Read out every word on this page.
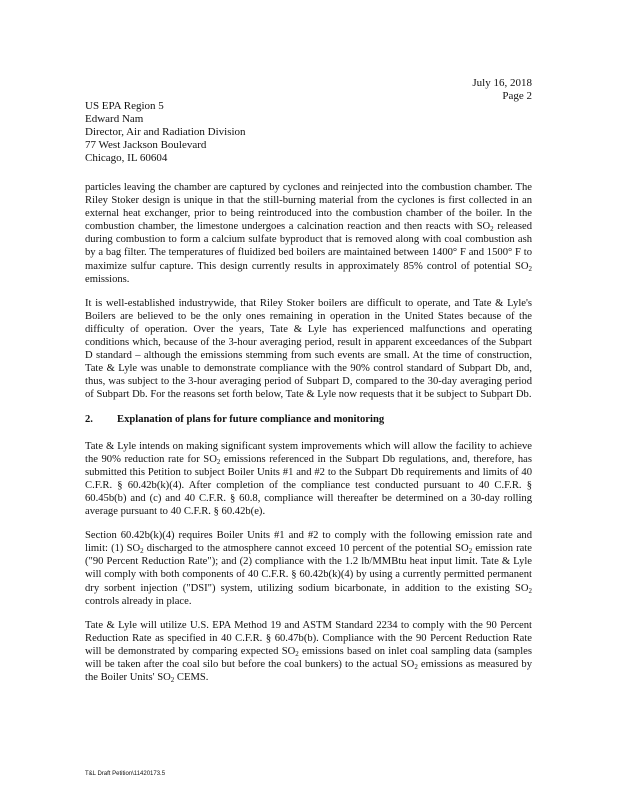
July 16, 2018
Page 2
US EPA Region 5
Edward Nam
Director, Air and Radiation Division
77 West Jackson Boulevard
Chicago, IL 60604

particles leaving the chamber are captured by cyclones and reinjected into the combustion chamber. The Riley Stoker design is unique in that the still-burning material from the cyclones is first collected in an external heat exchanger, prior to being reintroduced into the combustion chamber of the boiler. In the combustion chamber, the limestone undergoes a calcination reaction and then reacts with $SO_2$ released during combustion to form a calcium sulfate byproduct that is removed along with coal combustion ash by a bag filter. The temperatures of fluidized bed boilers are maintained between 1400° F and 1500° F to maximize sulfur capture. This design currently results in approximately 85% control of potential $SO_2$ emissions.

It is well-established industrywide, that Riley Stoker boilers are difficult to operate, and Tate & Lyle's Boilers are believed to be the only ones remaining in operation in the United States because of the difficulty of operation. Over the years, Tate & Lyle has experienced malfunctions and operating conditions which, because of the 3-hour averaging period, result in apparent exceedances of the Subpart D standard – although the emissions stemming from such events are small. At the time of construction, Tate & Lyle was unable to demonstrate compliance with the 90% control standard of Subpart Db, and, thus, was subject to the 3-hour averaging period of Subpart D, compared to the 30-day averaging period of Subpart Db. For the reasons set forth below, Tate & Lyle now requests that it be subject to Subpart Db.

2.	Explanation of plans for future compliance and monitoring

Tate & Lyle intends on making significant system improvements which will allow the facility to achieve the 90% reduction rate for $SO_2$ emissions referenced in the Subpart Db regulations, and, therefore, has submitted this Petition to subject Boiler Units #1 and #2 to the Subpart Db requirements and limits of 40 C.F.R. § 60.42b(k)(4). After completion of the compliance test conducted pursuant to 40 C.F.R. § 60.45b(b) and (c) and 40 C.F.R. § 60.8, compliance will thereafter be determined on a 30-day rolling average pursuant to 40 C.F.R. § 60.42b(e).

Section 60.42b(k)(4) requires Boiler Units #1 and #2 to comply with the following emission rate and limit: (1) $SO_2$ discharged to the atmosphere cannot exceed 10 percent of the potential $SO_2$ emission rate ("90 Percent Reduction Rate"); and (2) compliance with the 1.2 lb/MMBtu heat input limit. Tate & Lyle will comply with both components of 40 C.F.R. § 60.42b(k)(4) by using a currently permitted permanent dry sorbent injection ("DSI") system, utilizing sodium bicarbonate, in addition to the existing $SO_2$ controls already in place.

Tate & Lyle will utilize U.S. EPA Method 19 and ASTM Standard 2234 to comply with the 90 Percent Reduction Rate as specified in 40 C.F.R. § 60.47b(b). Compliance with the 90 Percent Reduction Rate will be demonstrated by comparing expected $SO_2$ emissions based on inlet coal sampling data (samples will be taken after the coal silo but before the coal bunkers) to the actual $SO_2$ emissions as measured by the Boiler Units' $SO_2$ CEMS.

T&L Draft Petition\11420173.5
